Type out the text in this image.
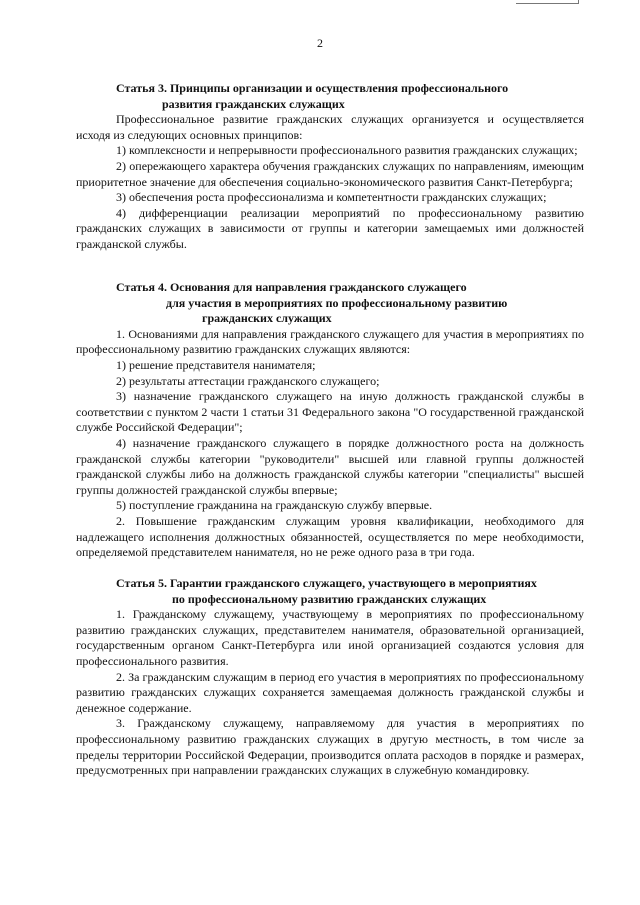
2
Статья 3. Принципы организации и осуществления профессионального
развития гражданских служащих

Профессиональное развитие гражданских служащих организуется и осуществляется исходя из следующих основных принципов:

1) комплексности и непрерывности профессионального развития гражданских служащих;

2) опережающего характера обучения гражданских служащих по направлениям, имеющим приоритетное значение для обеспечения социально-экономического развития Санкт-Петербурга;

3) обеспечения роста профессионализма и компетентности гражданских служащих;

4) дифференциации реализации мероприятий по профессиональному развитию гражданских служащих в зависимости от группы и категории замещаемых ими должностей гражданской службы.

Статья 4. Основания для направления гражданского служащего
для участия в мероприятиях по профессиональному развитию
гражданских служащих

1. Основаниями для направления гражданского служащего для участия в мероприятиях по профессиональному развитию гражданских служащих являются:

1) решение представителя нанимателя;

2) результаты аттестации гражданского служащего;

3) назначение гражданского служащего на иную должность гражданской службы в соответствии с пунктом 2 части 1 статьи 31 Федерального закона "О государственной гражданской службе Российской Федерации";

4) назначение гражданского служащего в порядке должностного роста на должность гражданской службы категории "руководители" высшей или главной группы должностей гражданской службы либо на должность гражданской службы категории "специалисты" высшей группы должностей гражданской службы впервые;

5) поступление гражданина на гражданскую службу впервые.

2. Повышение гражданским служащим уровня квалификации, необходимого для надлежащего исполнения должностных обязанностей, осуществляется по мере необходимости, определяемой представителем нанимателя, но не реже одного раза в три года.

Статья 5. Гарантии гражданского служащего, участвующего в мероприятиях
по профессиональному развитию гражданских служащих

1. Гражданскому служащему, участвующему в мероприятиях по профессиональному развитию гражданских служащих, представителем нанимателя, образовательной организацией, государственным органом Санкт-Петербурга или иной организацией создаются условия для профессионального развития.

2. За гражданским служащим в период его участия в мероприятиях по профессиональному развитию гражданских служащих сохраняется замещаемая должность гражданской службы и денежное содержание.

3. Гражданскому служащему, направляемому для участия в мероприятиях по профессиональному развитию гражданских служащих в другую местность, в том числе за пределы территории Российской Федерации, производится оплата расходов в порядке и размерах, предусмотренных при направлении гражданских служащих в служебную командировку.
